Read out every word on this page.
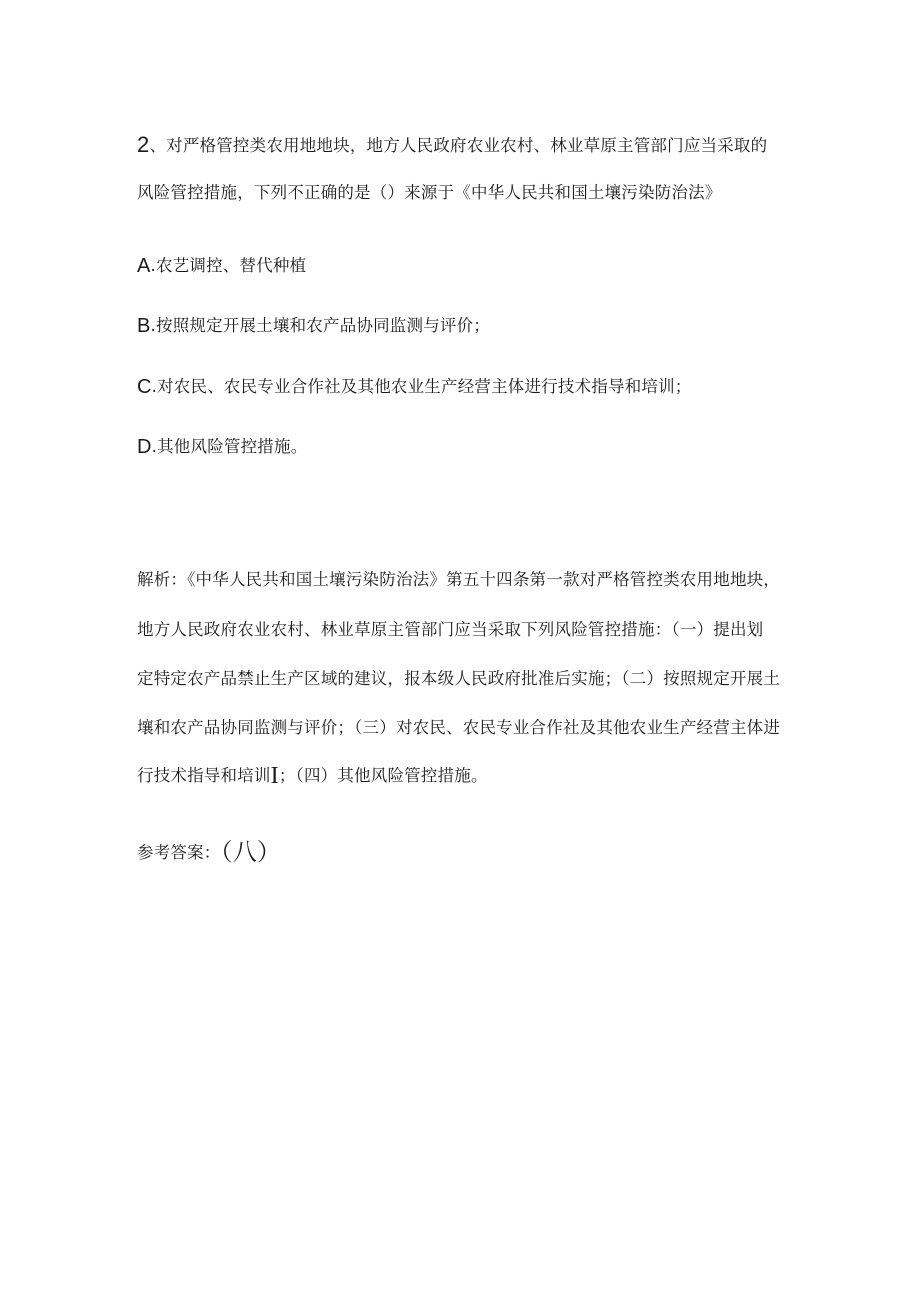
2、对严格管控类农用地地块，地方人民政府农业农村、林业草原主管部门应当采取的
风险管控措施，下列不正确的是（）来源于《中华人民共和国土壤污染防治法》
A.农艺调控、替代种植
B.按照规定开展土壤和农产品协同监测与评价；
C.对农民、农民专业合作社及其他农业生产经营主体进行技术指导和培训；
D.其他风险管控措施。
解析：《中华人民共和国土壤污染防治法》第五十四条第一款对严格管控类农用地地块，
地方人民政府农业农村、林业草原主管部门应当采取下列风险管控措施：（一）提出划
定特定农产品禁止生产区域的建议，报本级人民政府批准后实施；（二）按照规定开展土
壤和农产品协同监测与评价；（三）对农民、农民专业合作社及其他农业生产经营主体进
行技术指导和培训I；（四）其他风险管控措施。
参考答案：（八）
